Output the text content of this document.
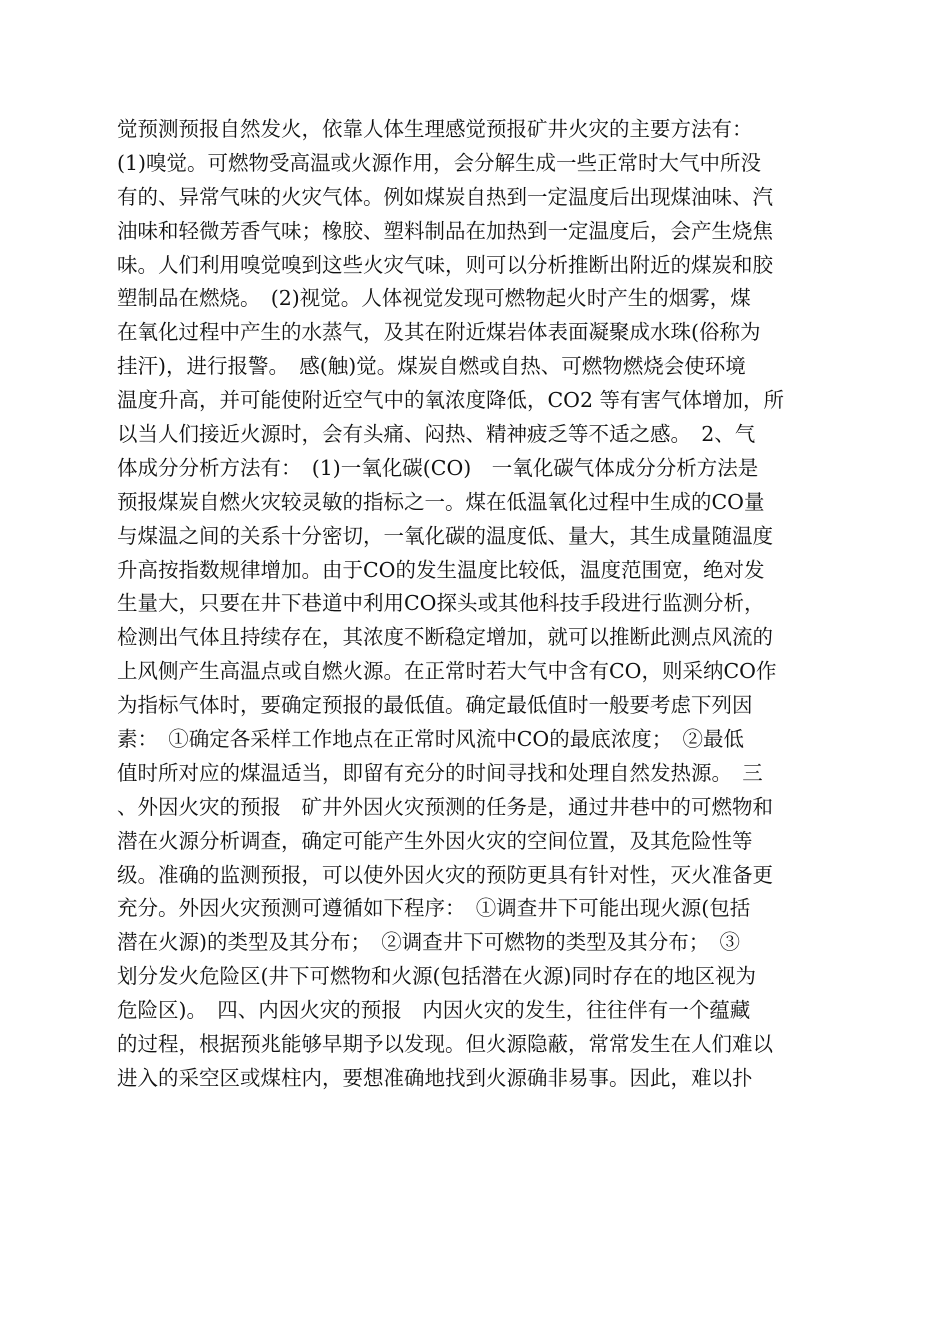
觉预测预报自然发火，依靠人体生理感觉预报矿井火灾的主要方法有：
(1)嗅觉。可燃物受高温或火源作用，会分解生成一些正常时大气中所没
有的、异常气味的火灾气体。例如煤炭自热到一定温度后出现煤油味、汽
油味和轻微芳香气味；橡胶、塑料制品在加热到一定温度后，会产生烧焦
味。人们利用嗅觉嗅到这些火灾气味，则可以分析推断出附近的煤炭和胶
塑制品在燃烧。　(2)视觉。人体视觉发现可燃物起火时产生的烟雾，煤
在氧化过程中产生的水蒸气，及其在附近煤岩体表面凝聚成水珠(俗称为
挂汗)，进行报警。　感(触)觉。煤炭自燃或自热、可燃物燃烧会使环境
温度升高，并可能使附近空气中的氧浓度降低，CO2 等有害气体增加，所
以当人们接近火源时，会有头痛、闷热、精神疲乏等不适之感。　2、气
体成分分析方法有：　(1)一氧化碳(CO)　一氧化碳气体成分分析方法是
预报煤炭自燃火灾较灵敏的指标之一。煤在低温氧化过程中生成的CO量
与煤温之间的关系十分密切，一氧化碳的温度低、量大，其生成量随温度
升高按指数规律增加。由于CO的发生温度比较低，温度范围宽，绝对发
生量大，只要在井下巷道中利用CO探头或其他科技手段进行监测分析，
检测出气体且持续存在，其浓度不断稳定增加，就可以推断此测点风流的
上风侧产生高温点或自燃火源。在正常时若大气中含有CO，则采纳CO作
为指标气体时，要确定预报的最低值。确定最低值时一般要考虑下列因
素：　①确定各采样工作地点在正常时风流中CO的最底浓度；　②最低
值时所对应的煤温适当，即留有充分的时间寻找和处理自然发热源。　三
、外因火灾的预报　矿井外因火灾预测的任务是，通过井巷中的可燃物和
潜在火源分析调查，确定可能产生外因火灾的空间位置，及其危险性等
级。准确的监测预报，可以使外因火灾的预防更具有针对性，灭火准备更
充分。外因火灾预测可遵循如下程序：　①调查井下可能出现火源(包括
潜在火源)的类型及其分布；　②调查井下可燃物的类型及其分布；　③
划分发火危险区(井下可燃物和火源(包括潜在火源)同时存在的地区视为
危险区)。　四、内因火灾的预报　内因火灾的发生，往往伴有一个蕴藏
的过程，根据预兆能够早期予以发现。但火源隐蔽，常常发生在人们难以
进入的采空区或煤柱内，要想准确地找到火源确非易事。因此，难以扑
